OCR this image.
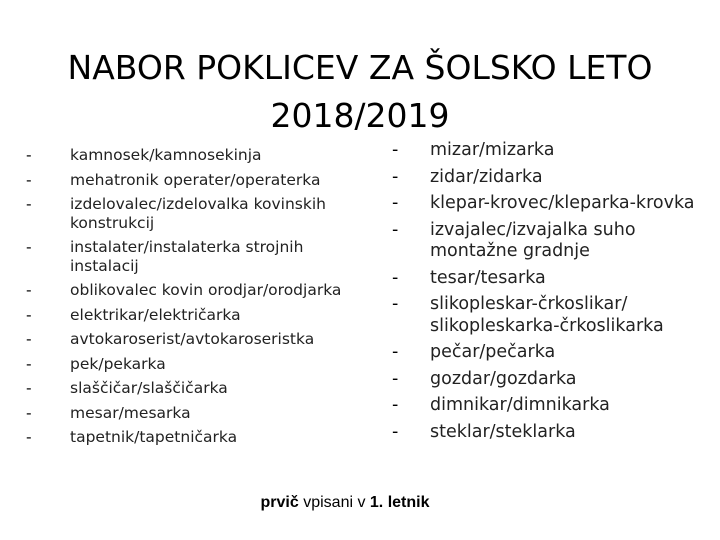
NABOR POKLICEV ZA ŠOLSKO LETO
2018/2019
- kamnosek/kamnosekinja
- mehatronik operater/operaterka
- izdelovalec/izdelovalka kovinskih konstrukcij
- instalater/instalaterka strojnih instalacij
- oblikovalec kovin orodjar/orodjarka
- elektrikar/električarka
- avtokaroserist/avtokaroseristka
- pek/pekarka
- slaščičar/slaščičarka
- mesar/mesarka
- tapetnik/tapetničarka
- mizar/mizarka
- zidar/zidarka
- klepar-krovec/kleparka-krovka
- izvajalec/izvajalka suho montažne gradnje
- tesar/tesarka
- slikopleskar-črkoslikar/ slikopleskarka-črkoslikarka
- pečar/pečarka
- gozdar/gozdarka
- dimnikar/dimnikarka
- steklar/steklarka
prvič vpisani v 1. letnik
